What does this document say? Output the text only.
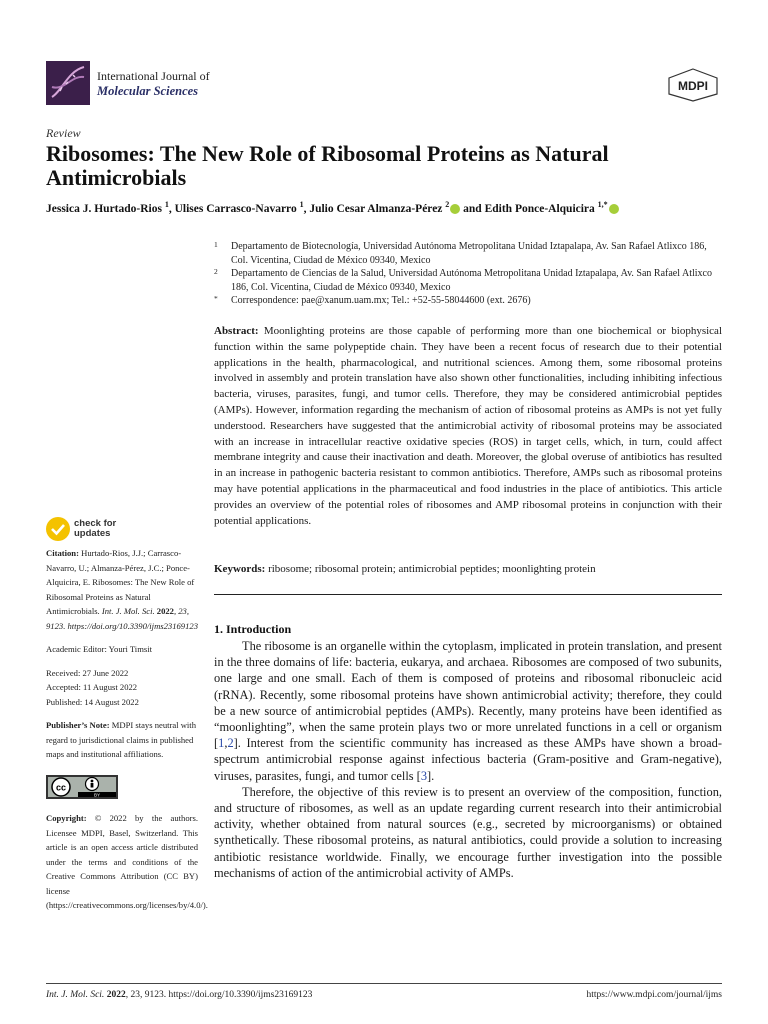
International Journal of
Molecular Sciences	MDPI
Review
Ribosomes: The New Role of Ribosomal Proteins as Natural Antimicrobials
Jessica J. Hurtado-Rios $^1$, Ulises Carrasco-Navarro $^1$, Julio Cesar Almanza-Pérez $^2$ and Edith Ponce-Alquicira $^{1,*}$
1 Departamento de Biotecnología, Universidad Autónoma Metropolitana Unidad Iztapalapa, Av. San Rafael Atlixco 186, Col. Vicentina, Ciudad de México 09340, Mexico
2 Departamento de Ciencias de la Salud, Universidad Autónoma Metropolitana Unidad Iztapalapa, Av. San Rafael Atlixco 186, Col. Vicentina, Ciudad de México 09340, Mexico
* Correspondence: pae@xanum.uam.mx; Tel.: +52-55-58044600 (ext. 2676)
Abstract: Moonlighting proteins are those capable of performing more than one biochemical or biophysical function within the same polypeptide chain. They have been a recent focus of research due to their potential applications in the health, pharmacological, and nutritional sciences. Among them, some ribosomal proteins involved in assembly and protein translation have also shown other functionalities, including inhibiting infectious bacteria, viruses, parasites, fungi, and tumor cells. Therefore, they may be considered antimicrobial peptides (AMPs). However, information regarding the mechanism of action of ribosomal proteins as AMPs is not yet fully understood. Researchers have suggested that the antimicrobial activity of ribosomal proteins may be associated with an increase in intracellular reactive oxidative species (ROS) in target cells, which, in turn, could affect membrane integrity and cause their inactivation and death. Moreover, the global overuse of antibiotics has resulted in an increase in pathogenic bacteria resistant to common antibiotics. Therefore, AMPs such as ribosomal proteins may have potential applications in the pharmaceutical and food industries in the place of antibiotics. This article provides an overview of the potential roles of ribosomes and AMP ribosomal proteins in conjunction with their potential applications.
Keywords: ribosome; ribosomal protein; antimicrobial peptides; moonlighting protein
1. Introduction

The ribosome is an organelle within the cytoplasm, implicated in protein translation, and present in the three domains of life: bacteria, eukarya, and archaea. Ribosomes are composed of two subunits, one large and one small. Each of them is composed of proteins and ribosomal ribonucleic acid (rRNA). Recently, some ribosomal proteins have shown antimicrobial activity; therefore, they could be a new source of antimicrobial peptides (AMPs). Recently, many proteins have been identified as “moonlighting”, when the same protein plays two or more unrelated functions in a cell or organism [1,2]. Interest from the scientific community has increased as these AMPs have shown a broad-spectrum antimicrobial response against infectious bacteria (Gram-positive and Gram-negative), viruses, parasites, fungi, and tumor cells [3].

Therefore, the objective of this review is to present an overview of the composition, function, and structure of ribosomes, as well as an update regarding current research into their antimicrobial activity, whether obtained from natural sources (e.g., secreted by microorganisms) or obtained synthetically. These ribosomal proteins, as natural antibiotics, could provide a solution to increasing antibiotic resistance worldwide. Finally, we encourage further investigation into the possible mechanisms of action of the antimicrobial activity of AMPs.

check for
updates
Citation: Hurtado-Rios, J.J.; Carrasco-Navarro, U.; Almanza-Pérez, J.C.; Ponce-Alquicira, E. Ribosomes: The New Role of Ribosomal Proteins as Natural Antimicrobials. Int. J. Mol. Sci. 2022, 23, 9123. https://doi.org/10.3390/ijms23169123
Academic Editor: Youri Timsit
Received: 27 June 2022
Accepted: 11 August 2022
Published: 14 August 2022
Publisher’s Note: MDPI stays neutral with regard to jurisdictional claims in published maps and institutional affiliations.
cc
BY
Copyright: © 2022 by the authors. Licensee MDPI, Basel, Switzerland. This article is an open access article distributed under the terms and conditions of the Creative Commons Attribution (CC BY) license (https://creativecommons.org/licenses/by/4.0/).
Int. J. Mol. Sci. 2022, 23, 9123. https://doi.org/10.3390/ijms23169123	https://www.mdpi.com/journal/ijms
